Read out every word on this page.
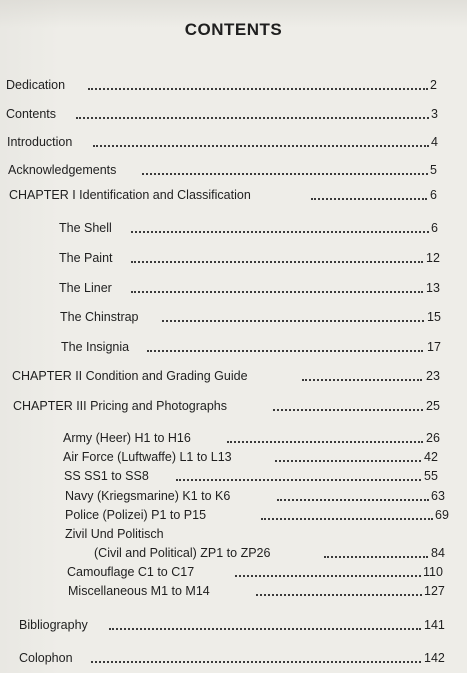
CONTENTS
Dedication	2
Contents	3
Introduction	4
Acknowledgements	5
CHAPTER I Identification and Classification	6
The Shell	6
The Paint	12
The Liner	13
The Chinstrap	15
The Insignia	17
CHAPTER II Condition and Grading Guide	23
CHAPTER III Pricing and Photographs	25
Army (Heer) H1 to H16	26
Air Force (Luftwaffe) L1 to L13	42
SS SS1 to SS8	55
Navy (Kriegsmarine) K1 to K6	63
Police (Polizei) P1 to P15	69
Zivil Und Politisch
(Civil and Political) ZP1 to ZP26	84
Camouflage C1 to C17	110
Miscellaneous M1 to M14	127
Bibliography	141
Colophon	142
